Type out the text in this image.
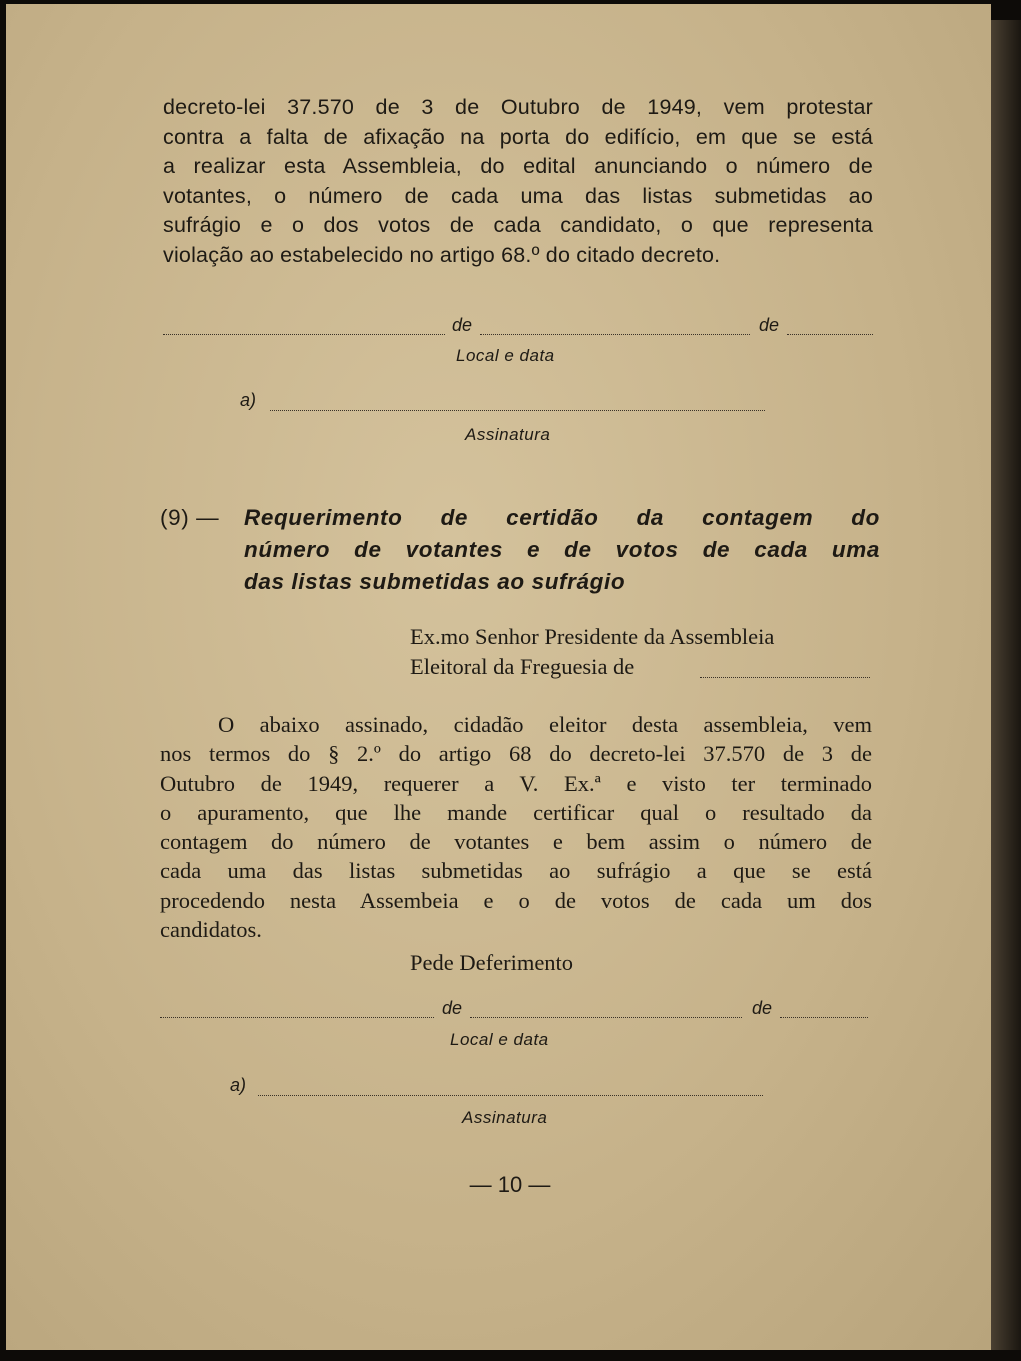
decreto-lei 37.570 de 3 de Outubro de 1949, vem protestar
contra a falta de afixação na porta do edifício, em que se está
a realizar esta Assembleia, do edital anunciando o número de
votantes, o número de cada uma das listas submetidas ao
sufrágio e o dos votos de cada candidato, o que representa
violação ao estabelecido no artigo 68.º do citado decreto.
de	de
Local e data
a)
Assinatura
(9) —	Requerimento de certidão da contagem do
número de votantes e de votos de cada uma
das listas submetidas ao sufrágio
Ex.mo Senhor Presidente da Assembleia
Eleitoral da Freguesia de
O abaixo assinado, cidadão eleitor desta assembleia, vem
nos termos do § 2.º do artigo 68 do decreto-lei 37.570 de 3 de
Outubro de 1949, requerer a V. Ex.ª e visto ter terminado
o apuramento, que lhe mande certificar qual o resultado da
contagem do número de votantes e bem assim o número de
cada uma das listas submetidas ao sufrágio a que se está
procedendo nesta Assembeia e o de votos de cada um dos
candidatos.
Pede Deferimento
de	de
Local e data
a)
Assinatura
— 10 —
